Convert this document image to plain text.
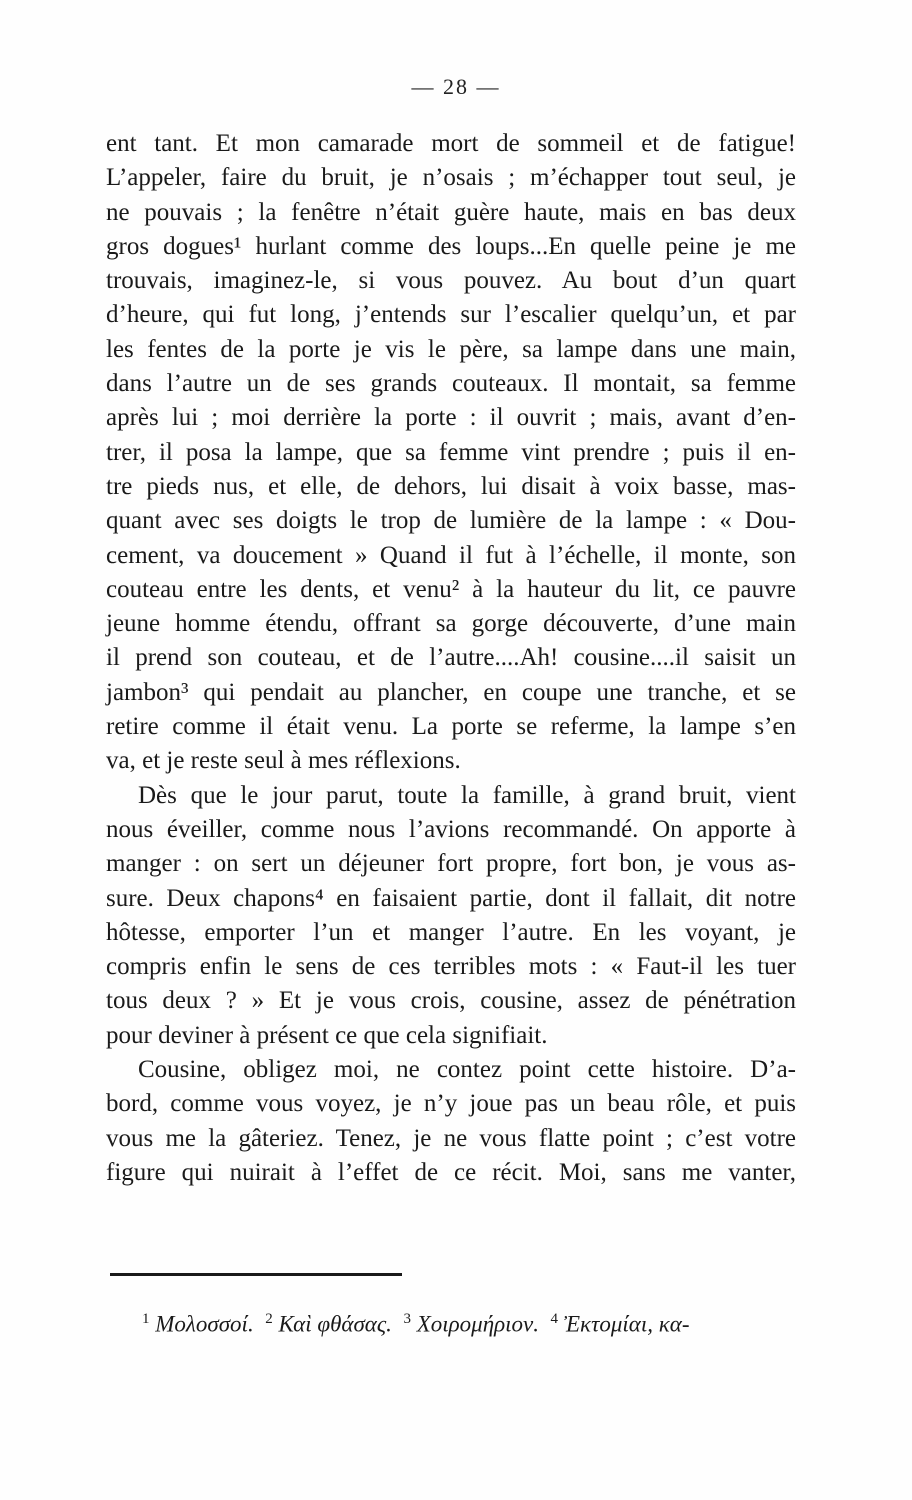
— 28 —
ent tant. Et mon camarade mort de sommeil et de fatigue!
L’appeler, faire du bruit, je n’osais ; m’échapper tout seul, je
ne pouvais ; la fenêtre n’était guère haute, mais en bas deux
gros dogues¹ hurlant comme des loups...En quelle peine je me
trouvais, imaginez-le, si vous pouvez. Au bout d’un quart
d’heure, qui fut long, j’entends sur l’escalier quelqu’un, et par
les fentes de la porte je vis le père, sa lampe dans une main,
dans l’autre un de ses grands couteaux. Il montait, sa femme
après lui ; moi derrière la porte : il ouvrit ; mais, avant d’en-
trer, il posa la lampe, que sa femme vint prendre ; puis il en-
tre pieds nus, et elle, de dehors, lui disait à voix basse, mas-
quant avec ses doigts le trop de lumière de la lampe : « Dou-
cement, va doucement » Quand il fut à l’échelle, il monte, son
couteau entre les dents, et venu² à la hauteur du lit, ce pauvre
jeune homme étendu, offrant sa gorge découverte, d’une main
il prend son couteau, et de l’autre....Ah! cousine....il saisit un
jambon³ qui pendait au plancher, en coupe une tranche, et se
retire comme il était venu. La porte se referme, la lampe s’en
va, et je reste seul à mes réflexions.
Dès que le jour parut, toute la famille, à grand bruit, vient
nous éveiller, comme nous l’avions recommandé. On apporte à
manger : on sert un déjeuner fort propre, fort bon, je vous as-
sure. Deux chapons⁴ en faisaient partie, dont il fallait, dit notre
hôtesse, emporter l’un et manger l’autre. En les voyant, je
compris enfin le sens de ces terribles mots : « Faut-il les tuer
tous deux ? » Et je vous crois, cousine, assez de pénétration
pour deviner à présent ce que cela signifiait.
Cousine, obligez moi, ne contez point cette histoire. D’a-
bord, comme vous voyez, je n’y joue pas un beau rôle, et puis
vous me la gâteriez. Tenez, je ne vous flatte point ; c’est votre
figure qui nuirait à l’effet de ce récit. Moi, sans me vanter,
$^1$ Μολοσσοί. $^2$ Καὶ φθάσας. $^3$ Χοιρομήριον. $^4$ Ἐκτομίαι, κα-
